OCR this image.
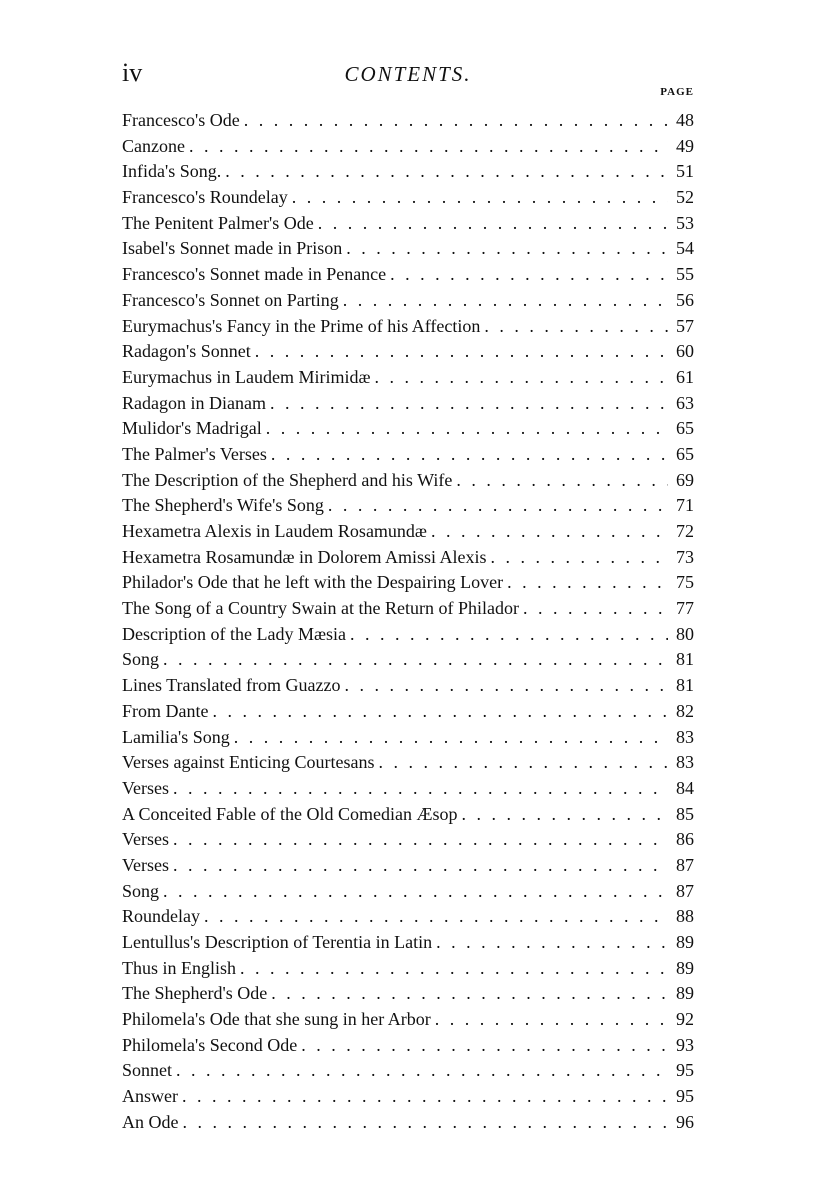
iv	CONTENTS.
PAGE
Francesco's Ode . . .	48
Canzone . . .	49
Infida's Song. . . .	51
Francesco's Roundelay . . .	52
The Penitent Palmer's Ode . . .	53
Isabel's Sonnet made in Prison . . .	54
Francesco's Sonnet made in Penance . . .	55
Francesco's Sonnet on Parting . . .	56
Eurymachus's Fancy in the Prime of his Affection . . .	57
Radagon's Sonnet . . .	60
Eurymachus in Laudem Mirimidæ . . .	61
Radagon in Dianam . . .	63
Mulidor's Madrigal . . .	65
The Palmer's Verses . . .	65
The Description of the Shepherd and his Wife . . .	69
The Shepherd's Wife's Song . . .	71
Hexametra Alexis in Laudem Rosamundæ . . .	72
Hexametra Rosamundæ in Dolorem Amissi Alexis . . .	73
Philador's Ode that he left with the Despairing Lover . . .	75
The Song of a Country Swain at the Return of Philador . . .	77
Description of the Lady Mæsia . . .	80
Song . . .	81
Lines Translated from Guazzo . . .	81
From Dante . . .	82
Lamilia's Song . . .	83
Verses against Enticing Courtesans . . .	83
Verses . . .	84
A Conceited Fable of the Old Comedian Æsop . . .	85
Verses . . .	86
Verses . . .	87
Song . . .	87
Roundelay . . .	88
Lentullus's Description of Terentia in Latin . . .	89
Thus in English . . .	89
The Shepherd's Ode . . .	89
Philomela's Ode that she sung in her Arbor . . .	92
Philomela's Second Ode . . .	93
Sonnet . . .	95
Answer . . .	95
An Ode . . .	96
